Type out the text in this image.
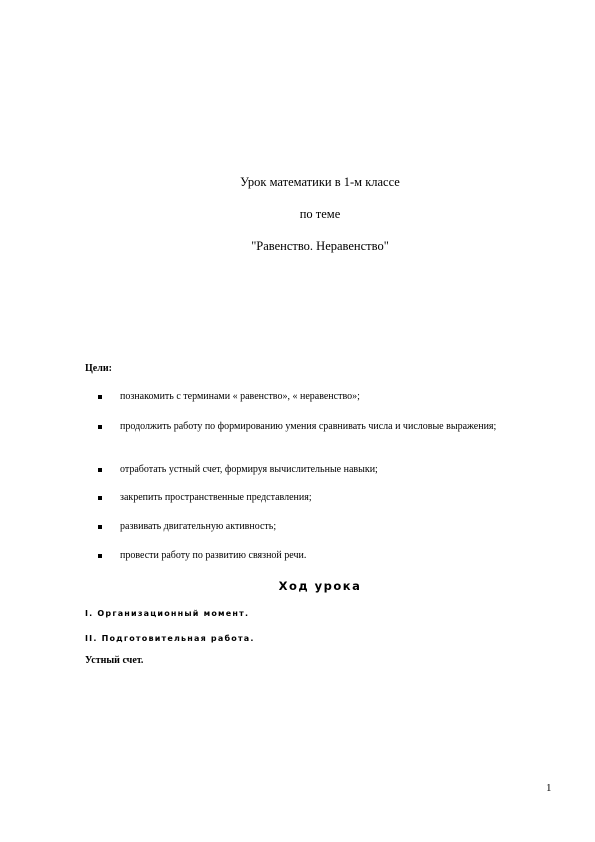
Урок математики в 1-м классе
по теме
"Равенство. Неравенство"
Цели:
познакомить с терминами « равенство», « неравенство»;
продолжить работу по формированию умения сравнивать числа и числовые выражения;
отработать устный счет, формируя вычислительные навыки;
закрепить пространственные представления;
развивать двигательную активность;
провести работу по развитию связной речи.
Ход урока
I. Организационный момент.
II. Подготовительная работа.
Устный счет.
1
